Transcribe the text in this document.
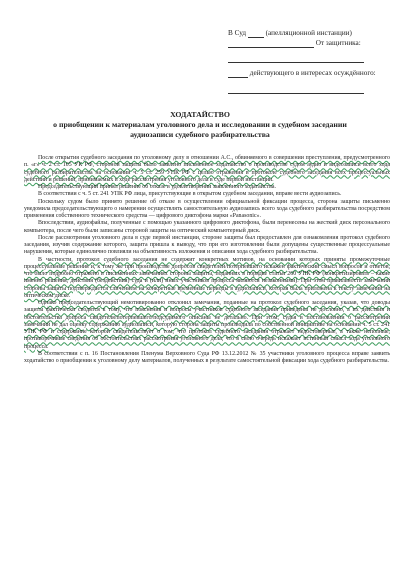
В Суд	(апелляционной инстанции)
От защитника:
действующего в интересах осуждённого:
ХОДАТАЙСТВО
о приобщении к материалам уголовного дела и исследовании в судебном заседании
аудиозаписи судебного разбирательства

После открытия судебного заседания по уголовному делу в отношении А.С., обвиняемого в совершении преступления, предусмотренного п. «г» ч. 2 ст. 105 УК РФ, стороной защиты было заявлено письменное ходатайство о производстве судом аудио и видеозаписи всего хода судебного разбирательства на основании ч. 5 ст. 259 УПК РФ с целью отражения в протоколе судебного заседания всех процессуальных действий и решений, принимаемых в ходе рассмотрения уголовного дела в суде первой инстанции.

Председательствующий принял решение об отказе в удовлетворении заявленного ходатайства.

В соответствии с ч. 5 ст. 241 УПК РФ лица, присутствующие в открытом судебном заседании, вправе вести аудиозапись.

Поскольку судом было принято решение об отказе в осуществлении официальной фиксации процесса, сторона защиты письменно уведомила председательствующего о намерении осуществлять самостоятельную аудиозапись всего хода судебного разбирательства посредством применения собственного технического средства — цифрового диктофона марки «Panasonic».

Впоследствии, аудиофайлы, полученные с помощью указанного цифрового диктофона, были перенесены на жесткий диск персонального компьютера, после чего были записаны стороной защиты на оптический компьютерный диск.

После рассмотрения уголовного дела в суде первой инстанции, стороне защиты был предоставлен для ознакомления протокол судебного заседания, изучив содержание которого, защита пришла к выводу, что при его изготовлении были допущены существенные процессуальные нарушения, которые единолично повлияли на объективность изложения и описания хода судебного разбирательства.

В частности, протокол судебного заседания не содержит конкретных мотивов, на основании которых приняты промежуточные процессуальные решения и, к тому же при производстве допросов свидетелей/потерпевшего искажен фактический смысл вопросов и ответов, что было подробно отражено в письменных замечаниях стороны защиты, поданных в порядке статьи 260 УПК РФ (конкретизировать – какие именно решения, действия (бездействия) суда и (или) иных участников процесса являются незаконными). При этом правильность замечаний стороны защиты подтверждается сличением на конкретные временные периоды в аудиозаписи, которая была приложена к тексту замечаний на оптическом диске.

Однако председательствующий немотивированно отклонил замечания, поданные на протокол судебного заседания, указав, что доводы защиты фактически сводятся к тому, что пояснения и вопросы участников судебного заседания приведены не дословно, а их действия и обстоятельства допроса свидетеля/потерпевшего/подсудимого описаны не детально. При этом, судья в постановлении о рассмотрении замечаний не дал оценку содержанию аудиозаписи, которую сторона защиты производила по собственной инициативе на основании ч. 5 ст. 241 УПК РФ и содержание которой свидетельствует о том, что протокол судебного заседания отражает недостоверные, а также неполные, противоречивые сведения об обстоятельствах рассмотрения уголовного дела, что в свою очередь искажает истинный смысл хода уголовного процесса.

В соответствии с п. 16 Постановления Пленума Верховного Суда РФ 13.12.2012 № 35 участники уголовного процесса вправе заявить ходатайство о приобщении к уголовному делу материалов, полученных в результате самостоятельной фиксации хода судебного разбирательства.
